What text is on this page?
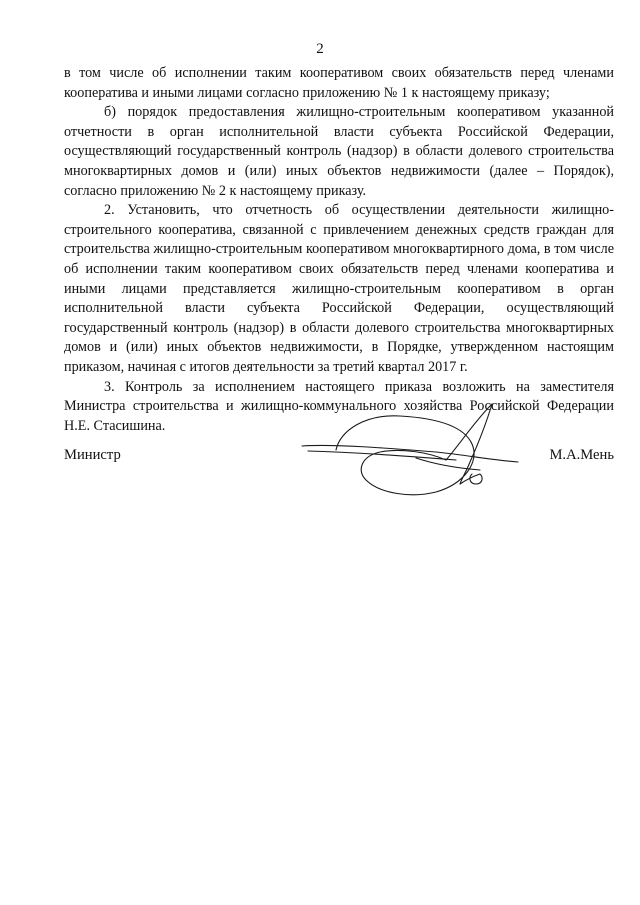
2

в том числе об исполнении таким кооперативом своих обязательств перед членами кооператива и иными лицами согласно приложению № 1 к настоящему приказу;

б) порядок предоставления жилищно-строительным кооперативом указанной отчетности в орган исполнительной власти субъекта Российской Федерации, осуществляющий государственный контроль (надзор) в области долевого строительства многоквартирных домов и (или) иных объектов недвижимости (далее – Порядок), согласно приложению № 2 к настоящему приказу.

2. Установить, что отчетность об осуществлении деятельности жилищно-строительного кооператива, связанной с привлечением денежных средств граждан для строительства жилищно-строительным кооперативом многоквартирного дома, в том числе об исполнении таким кооперативом своих обязательств перед членами кооператива и иными лицами представляется жилищно-строительным кооперативом в орган исполнительной власти субъекта Российской Федерации, осуществляющий государственный контроль (надзор) в области долевого строительства многоквартирных домов и (или) иных объектов недвижимости, в Порядке, утвержденном настоящим приказом, начиная с итогов деятельности за третий квартал 2017 г.

3. Контроль за исполнением настоящего приказа возложить на заместителя Министра строительства и жилищно-коммунального хозяйства Российской Федерации Н.Е. Стасишина.

Министр	М.А.Мень
